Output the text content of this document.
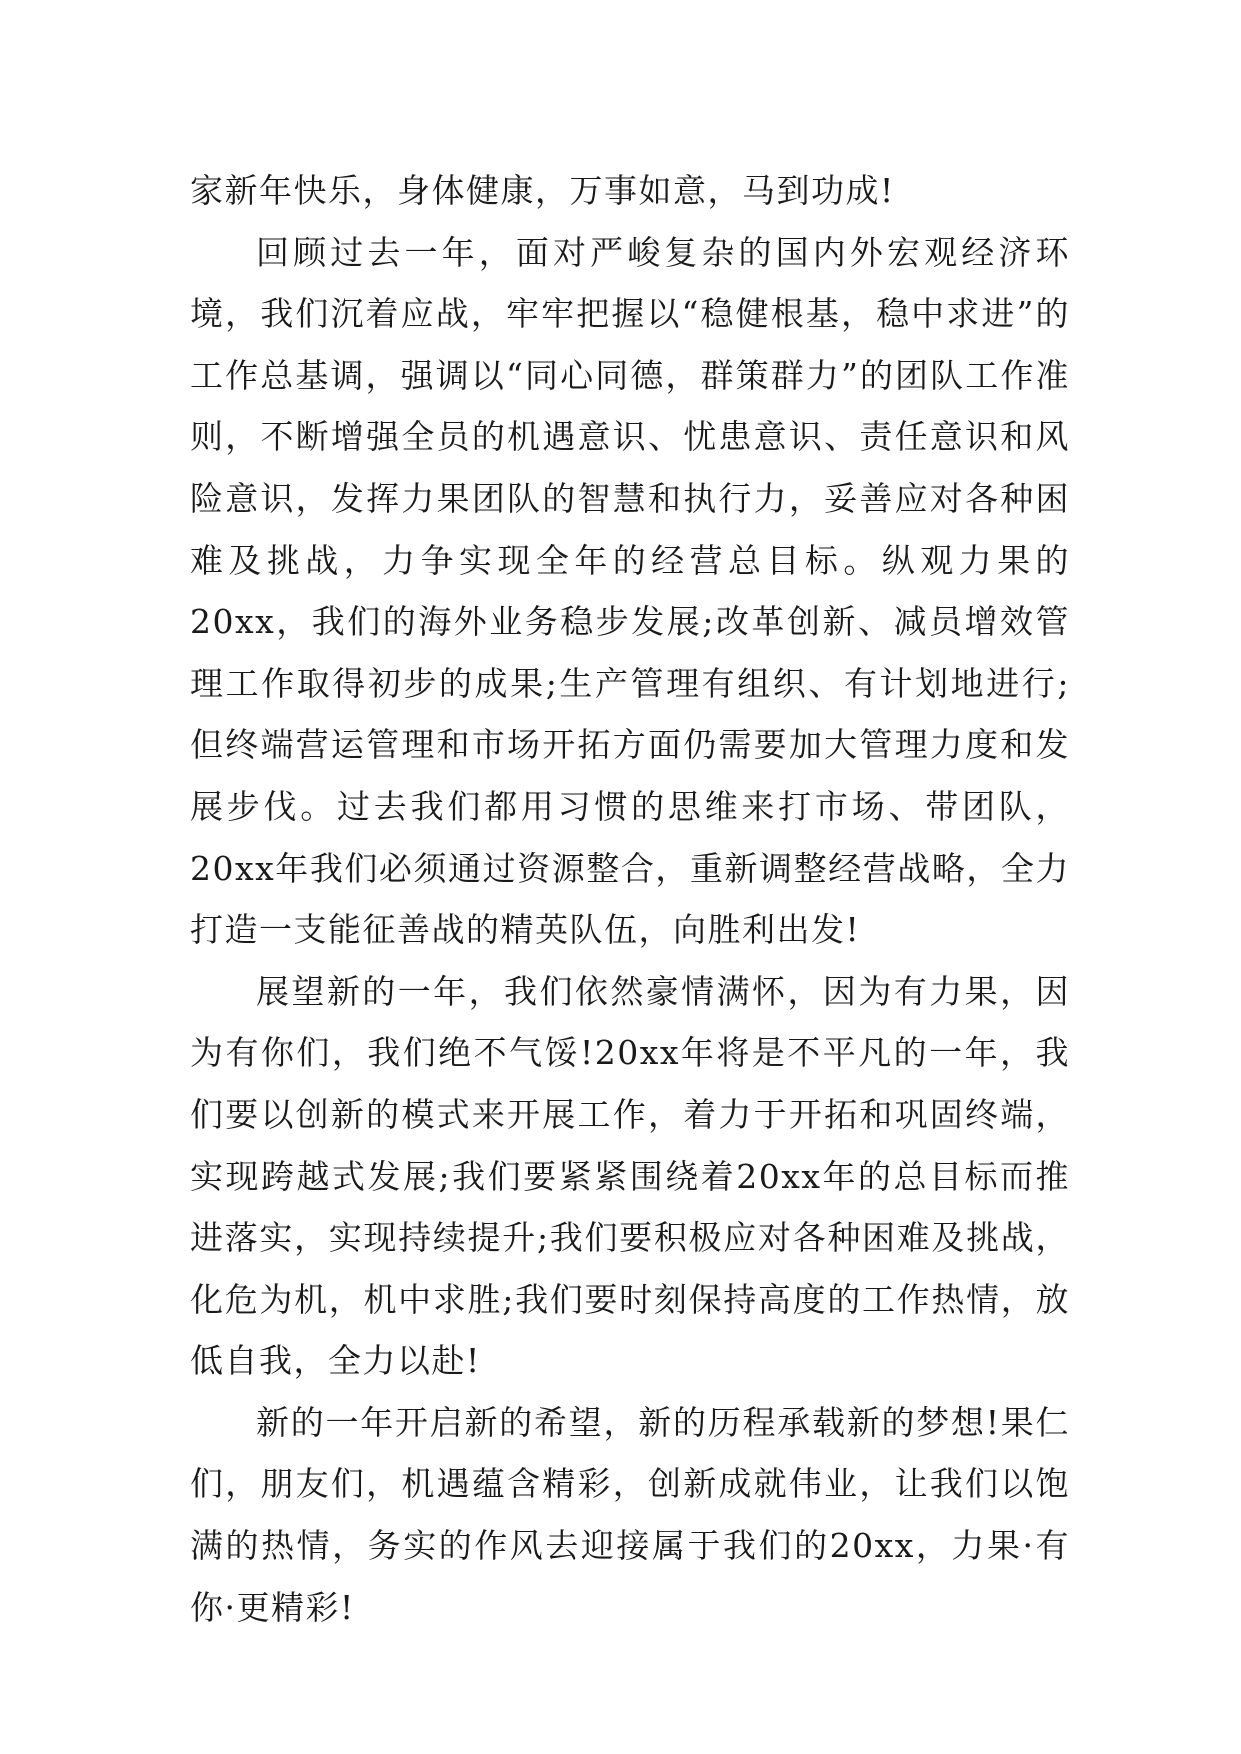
家新年快乐，身体健康，万事如意，马到功成!

回顾过去一年，面对严峻复杂的国内外宏观经济环境，我们沉着应战，牢牢把握以“稳健根基，稳中求进”的工作总基调，强调以“同心同德，群策群力”的团队工作准则，不断增强全员的机遇意识、忧患意识、责任意识和风险意识，发挥力果团队的智慧和执行力，妥善应对各种困难及挑战，力争实现全年的经营总目标。纵观力果的20xx，我们的海外业务稳步发展;改革创新、减员增效管理工作取得初步的成果;生产管理有组织、有计划地进行;但终端营运管理和市场开拓方面仍需要加大管理力度和发展步伐。过去我们都用习惯的思维来打市场、带团队，20xx年我们必须通过资源整合，重新调整经营战略，全力打造一支能征善战的精英队伍，向胜利出发!

展望新的一年，我们依然豪情满怀，因为有力果，因为有你们，我们绝不气馁!20xx年将是不平凡的一年，我们要以创新的模式来开展工作，着力于开拓和巩固终端，实现跨越式发展;我们要紧紧围绕着20xx年的总目标而推进落实，实现持续提升;我们要积极应对各种困难及挑战，化危为机，机中求胜;我们要时刻保持高度的工作热情，放低自我，全力以赴!

新的一年开启新的希望，新的历程承载新的梦想!果仁们，朋友们，机遇蕴含精彩，创新成就伟业，让我们以饱满的热情，务实的作风去迎接属于我们的20xx，力果·有你·更精彩!
